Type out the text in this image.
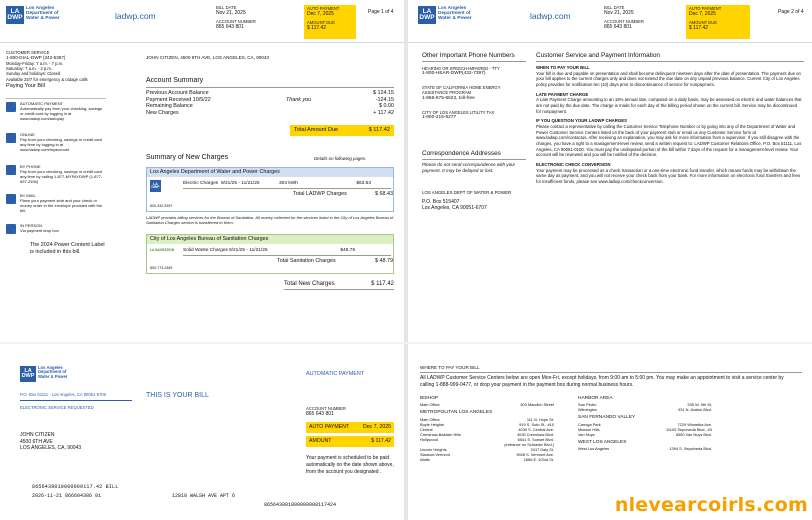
LA
DWP
Los Angeles
Department of
Water & Power	ladwp.com
BILL DATE
Nov 21, 2025
ACCOUNT NUMBER
865 643 801
AUTO PAYMENT
Dec 7, 2025
AMOUNT DUE
$ 117.42
Page 1 of 4
CUSTOMER SERVICE
1-800-DIAL-DWP (342-5397)
Monday-Friday: 7 a.m. - 7 p.m.
Saturday: 7 a.m. - 2 p.m.
Sunday and holidays: Closed
Available 24/7 for emergency & outage calls
Paying Your Bill
AUTOMATIC PAYMENT
Automatically pay from your checking, savings or credit card by logging in at www.ladwp.com/autopay
ONLINE
Pay from your checking, savings or credit card any time by logging in at www.ladwp.com/myaccount
BY PHONE
Pay from your checking, savings or credit card any time by calling 1-877-MYPAYDWP (1-877-697-2939)
BY MAIL
Place your payment stub and your check or money order in the envelope provided with the bill.
IN PERSON
Via payment drop box
The 2024 Power Content Label is included in this bill.
JOHN CITIZEN, 4500 6TH AVE, LOS ANGELES, CA, 90043
Account Summary
Previous Account Balance	$ 124.15
Payment Received 10/5/22	Thank you	-124.15
Remaining Balance	$ 0.00
New Charges	+ 117.42
Total Amount Due	$ 117.42
Summary of New Charges	Details on following pages.
Los Angeles Department of Water and Power Charges
LA
DWP
800-342-5397
Electric Charges 9/21/25 - 11/21/25	303 kWh	$63.63
Total LADWP Charges	$ 68.43
LADWP provides billing services for the Bureau of Sanitation. All money collected for the services listed in the City of Los Angeles Bureau of Sanitation Charges section is transferred to them.
City of Los Angeles Bureau of Sanitation Charges
LA SANITATION
800-773-2489
Solid Waste Charges 9/21/25 - 11/21/25	$48.79
Total Sanitation Charges	$ 48.79
Total New Charges	$ 117.42
LA
DWP
Los Angeles
Department of
Water & Power	ladwp.com
BILL DATE
Nov 21, 2025
ACCOUNT NUMBER
865 643 801
AUTO PAYMENT
Dec 7, 2025
AMOUNT DUE
$ 117.42
Page 2 of 4
Other Important Phone Numbers
HEARING OR SPEECH-IMPAIRED - TTY
1-800-HEAR-DWP(432-7397)
STATE OF CALIFORNIA HOME ENERGY ASSISTANCE PROGRAM
1-866-675-6623, toll-free
CITY OF LOS ANGELES UTILITY TAX
1-800-215-6277
Correspondence Addresses
Please do not send correspondence with your payment. It may be delayed or lost.
LOS ANGELES DEPT OF WATER & POWER
P.O. Box 515407
Los Angeles, CA 90051-6707
Customer Service and Payment Information
WHEN TO PAY YOUR BILL
Your bill is due and payable on presentation and shall become delinquent nineteen days after the date of presentation. The payment due on your bill applies to the current charges only and does not extend the due date on any unpaid previous balance. Current City of Los Angeles policy provides for notification ten (10) days prior to discontinuance of service for nonpayment.
LATE PAYMENT CHARGE
A Late Payment Charge amounting to an 18% annual rate, computed on a daily basis, may be assessed on electric and water balances that are not paid by the due date. The charge is made for each day of the billing period shown on the current bill. Service may be discontinued for nonpayment.
IF YOU QUESTION YOUR LADWP CHARGES
Please contact a representative by calling the Customer Service Telephone Number or by going into any of the Department of Water and Power Customer Service Centers listed on the back of your payment stub or email us any Customer Service form at www.ladwp.com/contactus. After receiving an explanation, you may ask for more information from a supervisor. If you still disagree with the charges, you have a right to a management-level review, send a written request to: LADWP Customer Relations Office, P.O. Box 51111, Los Angeles, CA 90051-0100. You must pay the undisputed portion of the bill within 7 days of the request for a management-level review. Your account will be reviewed and you will be notified of the decision.
ELECTRONIC CHECK CONVERSION
Your payment may be processed as a check transaction or a one-time electronic fund transfer, which means funds may be withdrawn the same day as payment, and you will not receive your check back from your bank. For more information on electronic fund transfers and fees for insufficient funds, please see www.ladwp.com/checkconversion.
LA
DWP
Los Angeles
Department of
Water & Power	AUTOMATIC PAYMENT
P.O. Box 51111 · Los Angeles, CA 90051-5700	THIS IS YOUR BILL
ELECTRONIC SERVICE REQUESTED	ACCOUNT NUMBER
865 643 801
AUTO PAYMENT	Dec 7, 2025
AMOUNT	$ 117.42
JOHN CITIZEN
4500 6TH AVE
LOS ANGELES, CA, 90043
Your payment is scheduled to be paid automatically on the date shown above, from the account you designated .
8656438010000000117.42 BILL
2026-11-21 866604386 01	12818 WALSH AVE APT 6
865643801000000000117424
WHERE TO PAY YOUR BILL
All LADWP Customer Service Centers below are open Mon-Fri, except holidays, from 9:00 am to 5:00 pm. You may make an appointment to visit a service center by calling 1-888-999-0477, or drop your payment in the payment box during normal business hours.
BISHOP
Main Office	300 Mandich Street
METROPOLITAN LOS ANGELES
Main Office	111 N. Hope St.
Boyle Heights	919 S. Soto St., #10
Central	4030 S. Central Ave.
Crenshaw-Baldwin Hills	4030 Crenshaw Blvd.
Hollywood	6541 S. Sunset Blvd.
(entrance on Schrader Blvd.)
Lincoln Heights	2417 Daly St.
Slauson-Vermont	5928 S. Vermont Ave.
Watts	1686 E. 103rd St.
HARBOR AREA
San Pedro	535 W. 9th St.
Wilmington	931 N. Avalon Blvd.
SAN FERNANDO VALLEY
Canoga Park	7229 Winnetka Ave.
Mission Hills	11100 Sepulveda Blvd., #3
Van Nuys	6550 Van Nuys Blvd.
WEST LOS ANGELES
West Los Angeles	1394 S. Sepulveda Blvd.
nlevearcoirls.com
